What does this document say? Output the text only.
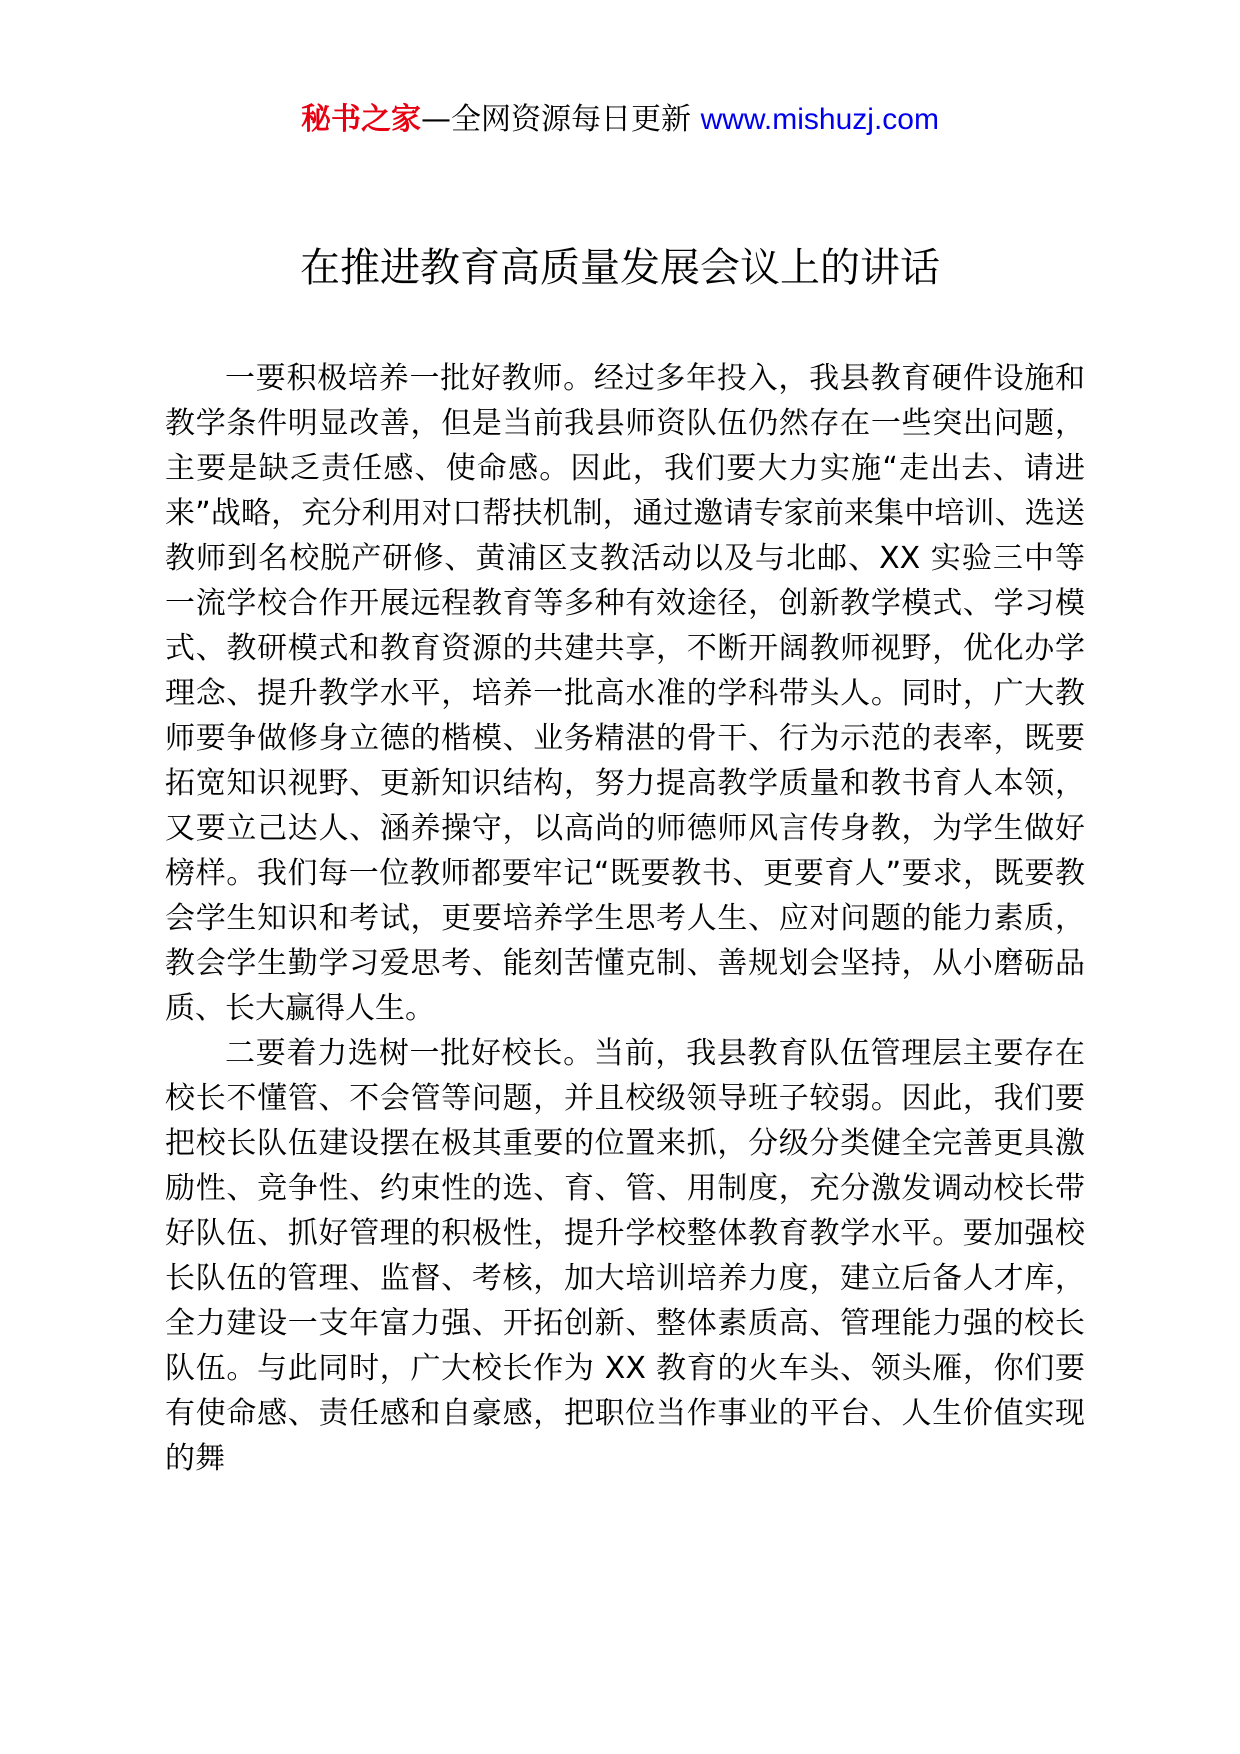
秘书之家—全网资源每日更新 www.mishuzj.com
在推进教育高质量发展会议上的讲话

一要积极培养一批好教师。经过多年投入，我县教育硬件设施和教学条件明显改善，但是当前我县师资队伍仍然存在一些突出问题，主要是缺乏责任感、使命感。因此，我们要大力实施“走出去、请进来”战略，充分利用对口帮扶机制，通过邀请专家前来集中培训、选送教师到名校脱产研修、黄浦区支教活动以及与北邮、XX 实验三中等一流学校合作开展远程教育等多种有效途径，创新教学模式、学习模式、教研模式和教育资源的共建共享，不断开阔教师视野，优化办学理念、提升教学水平，培养一批高水准的学科带头人。同时，广大教师要争做修身立德的楷模、业务精湛的骨干、行为示范的表率，既要拓宽知识视野、更新知识结构，努力提高教学质量和教书育人本领，又要立己达人、涵养操守，以高尚的师德师风言传身教，为学生做好榜样。我们每一位教师都要牢记“既要教书、更要育人”要求，既要教会学生知识和考试，更要培养学生思考人生、应对问题的能力素质，教会学生勤学习爱思考、能刻苦懂克制、善规划会坚持，从小磨砺品质、长大赢得人生。

二要着力选树一批好校长。当前，我县教育队伍管理层主要存在校长不懂管、不会管等问题，并且校级领导班子较弱。因此，我们要把校长队伍建设摆在极其重要的位置来抓，分级分类健全完善更具激励性、竞争性、约束性的选、育、管、用制度，充分激发调动校长带好队伍、抓好管理的积极性，提升学校整体教育教学水平。要加强校长队伍的管理、监督、考核，加大培训培养力度，建立后备人才库，全力建设一支年富力强、开拓创新、整体素质高、管理能力强的校长队伍。与此同时，广大校长作为 XX 教育的火车头、领头雁，你们要有使命感、责任感和自豪感，把职位当作事业的平台、人生价值实现的舞
